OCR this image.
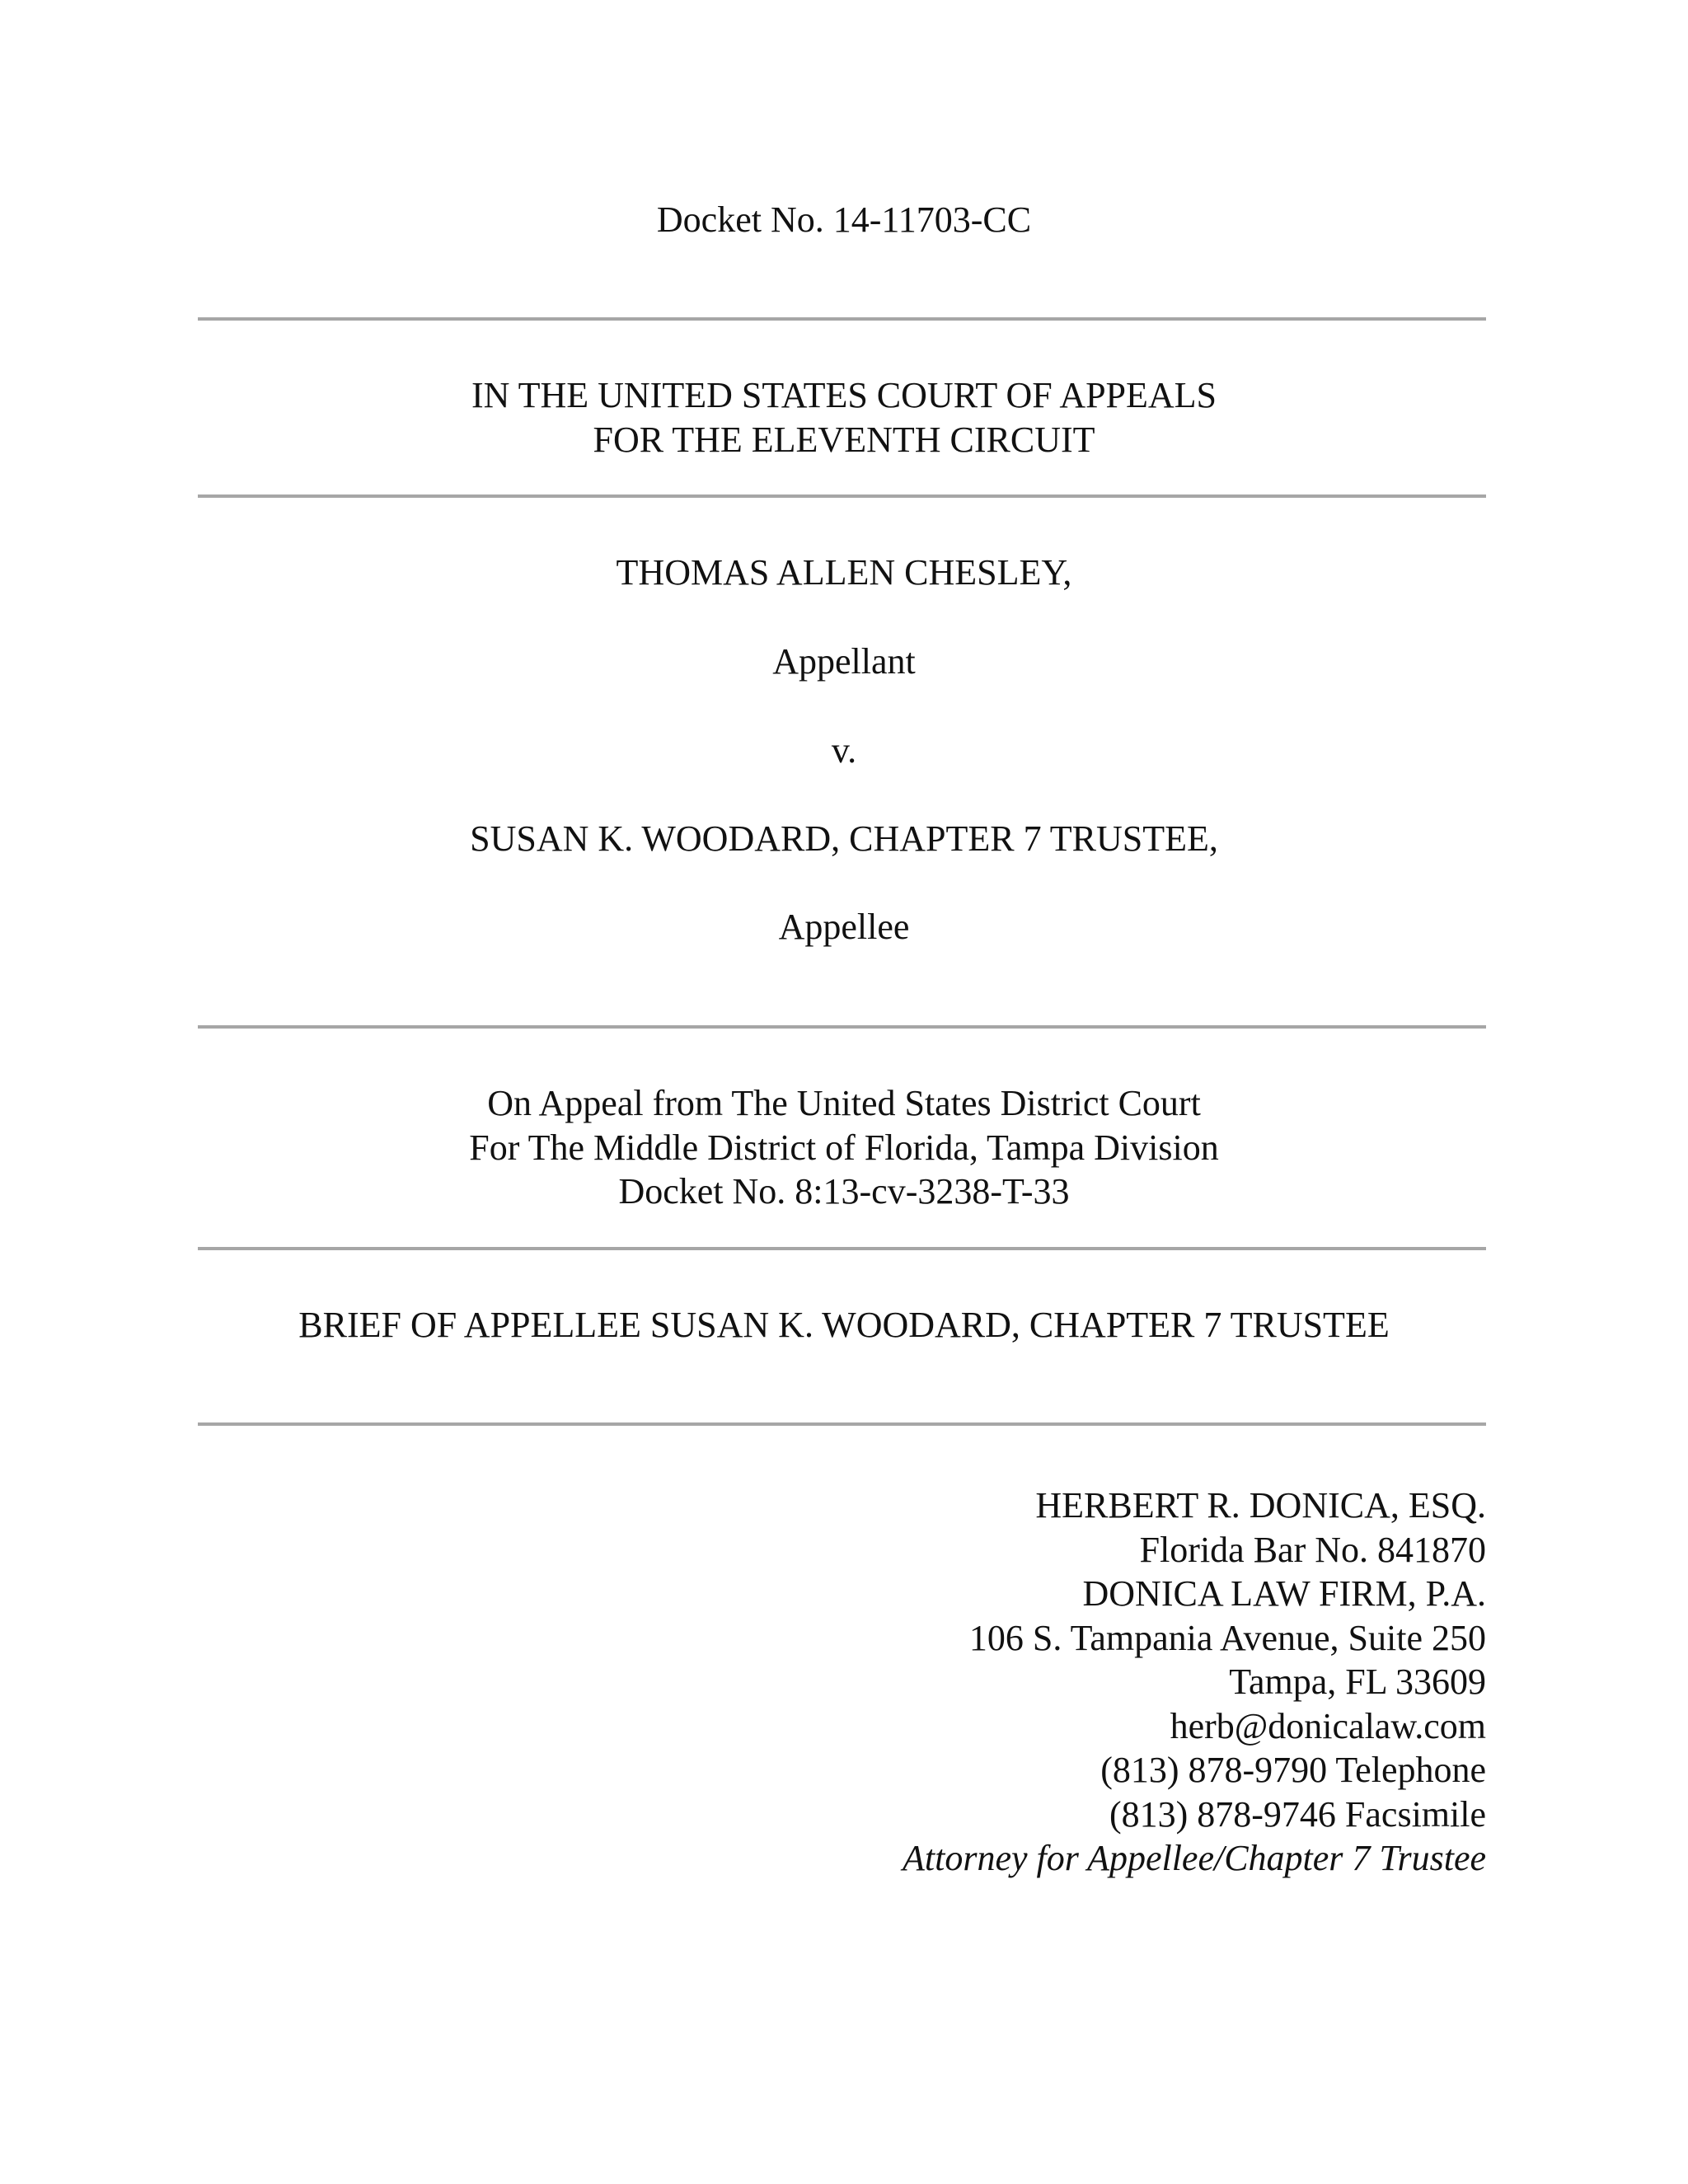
Docket No. 14-11703-CC
IN THE UNITED STATES COURT OF APPEALS
FOR THE ELEVENTH CIRCUIT
THOMAS ALLEN CHESLEY,
Appellant
v.
SUSAN K. WOODARD, CHAPTER 7 TRUSTEE,
Appellee
On Appeal from The United States District Court
For The Middle District of Florida, Tampa Division
Docket No. 8:13-cv-3238-T-33
BRIEF OF APPELLEE SUSAN K. WOODARD, CHAPTER 7 TRUSTEE
HERBERT R. DONICA, ESQ.
Florida Bar No. 841870
DONICA LAW FIRM, P.A.
106 S. Tampania Avenue, Suite 250
Tampa, FL 33609
herb@donicalaw.com
(813) 878-9790 Telephone
(813) 878-9746 Facsimile
Attorney for Appellee/Chapter 7 Trustee
